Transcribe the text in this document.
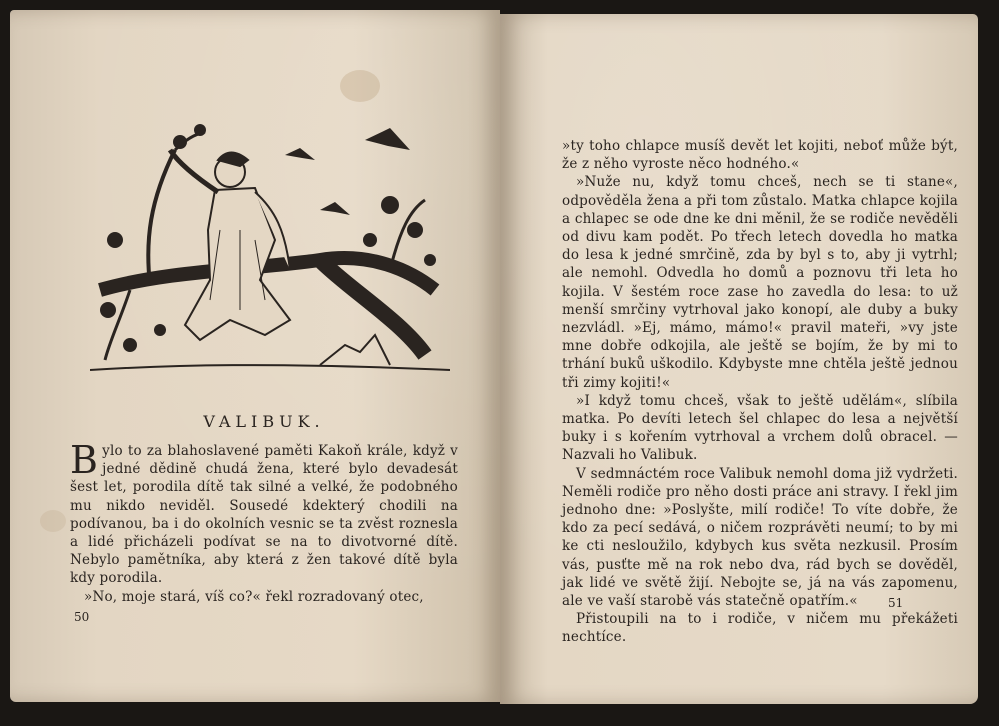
VALIBUK.

Bylo to za blahoslavené paměti Kakoň krále, když v jedné dědině chudá žena, které bylo devadesát šest let, porodila dítě tak silné a velké, že podobného mu nikdo neviděl. Sousedé kdekterý chodili na podívanou, ba i do okolních vesnic se ta zvěst roznesla a lidé přicházeli podívat se na to divotvorné dítě. Nebylo pamětníka, aby která z žen takové dítě byla kdy porodila.

»No, moje stará, víš co?« řekl rozradovaný otec,

50

»ty toho chlapce musíš devět let kojiti, neboť může být, že z něho vyroste něco hodného.«

»Nuže nu, když tomu chceš, nech se ti stane«, odpověděla žena a při tom zůstalo. Matka chlapce kojila a chlapec se ode dne ke dni měnil, že se rodiče nevěděli od divu kam podět. Po třech letech dovedla ho matka do lesa k jedné smrčině, zda by byl s to, aby ji vytrhl; ale nemohl. Odvedla ho domů a poznovu tři leta ho kojila. V šestém roce zase ho zavedla do lesa: to už menší smrčiny vytrhoval jako konopí, ale duby a buky nezvládl. »Ej, mámo, mámo!« pravil mateři, »vy jste mne dobře odkojila, ale ještě se bojím, že by mi to trhání buků uškodilo. Kdybyste mne chtěla ještě jednou tři zimy kojiti!«

»I když tomu chceš, však to ještě udělám«, slíbila matka. Po devíti letech šel chlapec do lesa a největší buky i s kořením vytrhoval a vrchem dolů obracel. — Nazvali ho Valibuk.

V sedmnáctém roce Valibuk nemohl doma již vydržeti. Neměli rodiče pro něho dosti práce ani stravy. I řekl jim jednoho dne: »Poslyšte, milí rodiče! To víte dobře, že kdo za pecí sedává, o ničem rozprávěti neumí; to by mi ke cti nesloužilo, kdybych kus světa nezkusil. Prosím vás, pusťte mě na rok nebo dva, rád bych se dověděl, jak lidé ve světě žijí. Nebojte se, já na vás zapomenu, ale ve vaší starobě vás statečně opatřím.«

Přistoupili na to i rodiče, v ničem mu překážeti nechtíce.

51
